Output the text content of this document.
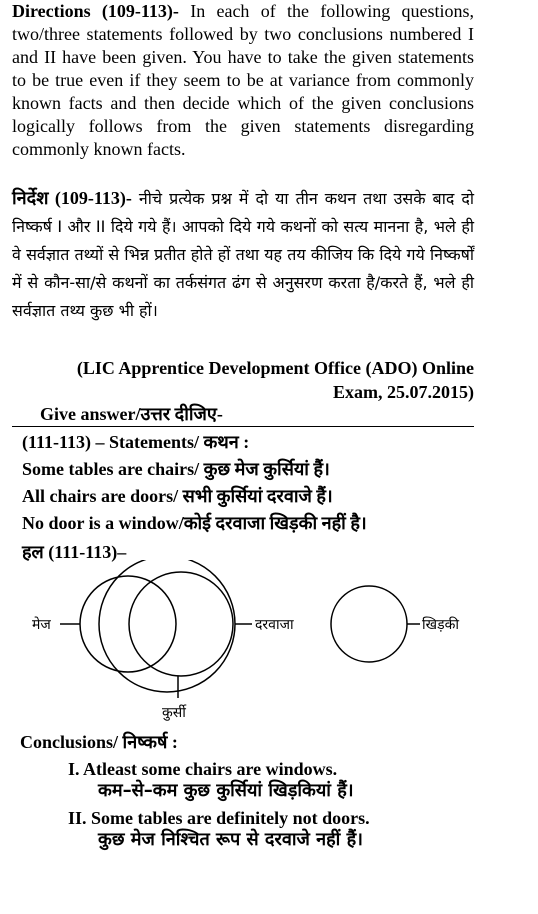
Directions (109-113)- In each of the following questions, two/three statements followed by two conclusions numbered I and II have been given. You have to take the given statements to be true even if they seem to be at variance from commonly known facts and then decide which of the given conclusions logically follows from the given statements disregarding commonly known facts.
निर्देश (109-113)- नीचे प्रत्येक प्रश्न में दो या तीन कथन तथा उसके बाद दो निष्कर्ष I और II दिये गये हैं। आपको दिये गये कथनों को सत्य मानना है, भले ही वे सर्वज्ञात तथ्यों से भिन्न प्रतीत होते हों तथा यह तय कीजिय कि दिये गये निष्कर्षों में से कौन-सा/से कथनों का तर्कसंगत ढंग से अनुसरण करता है/करते हैं, भले ही सर्वज्ञात तथ्य कुछ भी हों।
(LIC Apprentice Development Office (ADO) Online
Exam, 25.07.2015)
Give answer/उत्तर दीजिए-
(111-113) – Statements/ कथन :
Some tables are chairs/ कुछ मेज कुर्सियां हैं।
All chairs are doors/ सभी कुर्सियां दरवाजे हैं।
No door is a window/कोई दरवाजा खिड़की नहीं है।
हल (111-113)–
मेज	दरवाजा
कुर्सी
खिड़की
Conclusions/ निष्कर्ष :
I. Atleast some chairs are windows.
कम–से–कम कुछ कुर्सियां खिड़कियां हैं।
II. Some tables are definitely not doors.
कुछ मेज निश्चित रूप से दरवाजे नहीं हैं।
